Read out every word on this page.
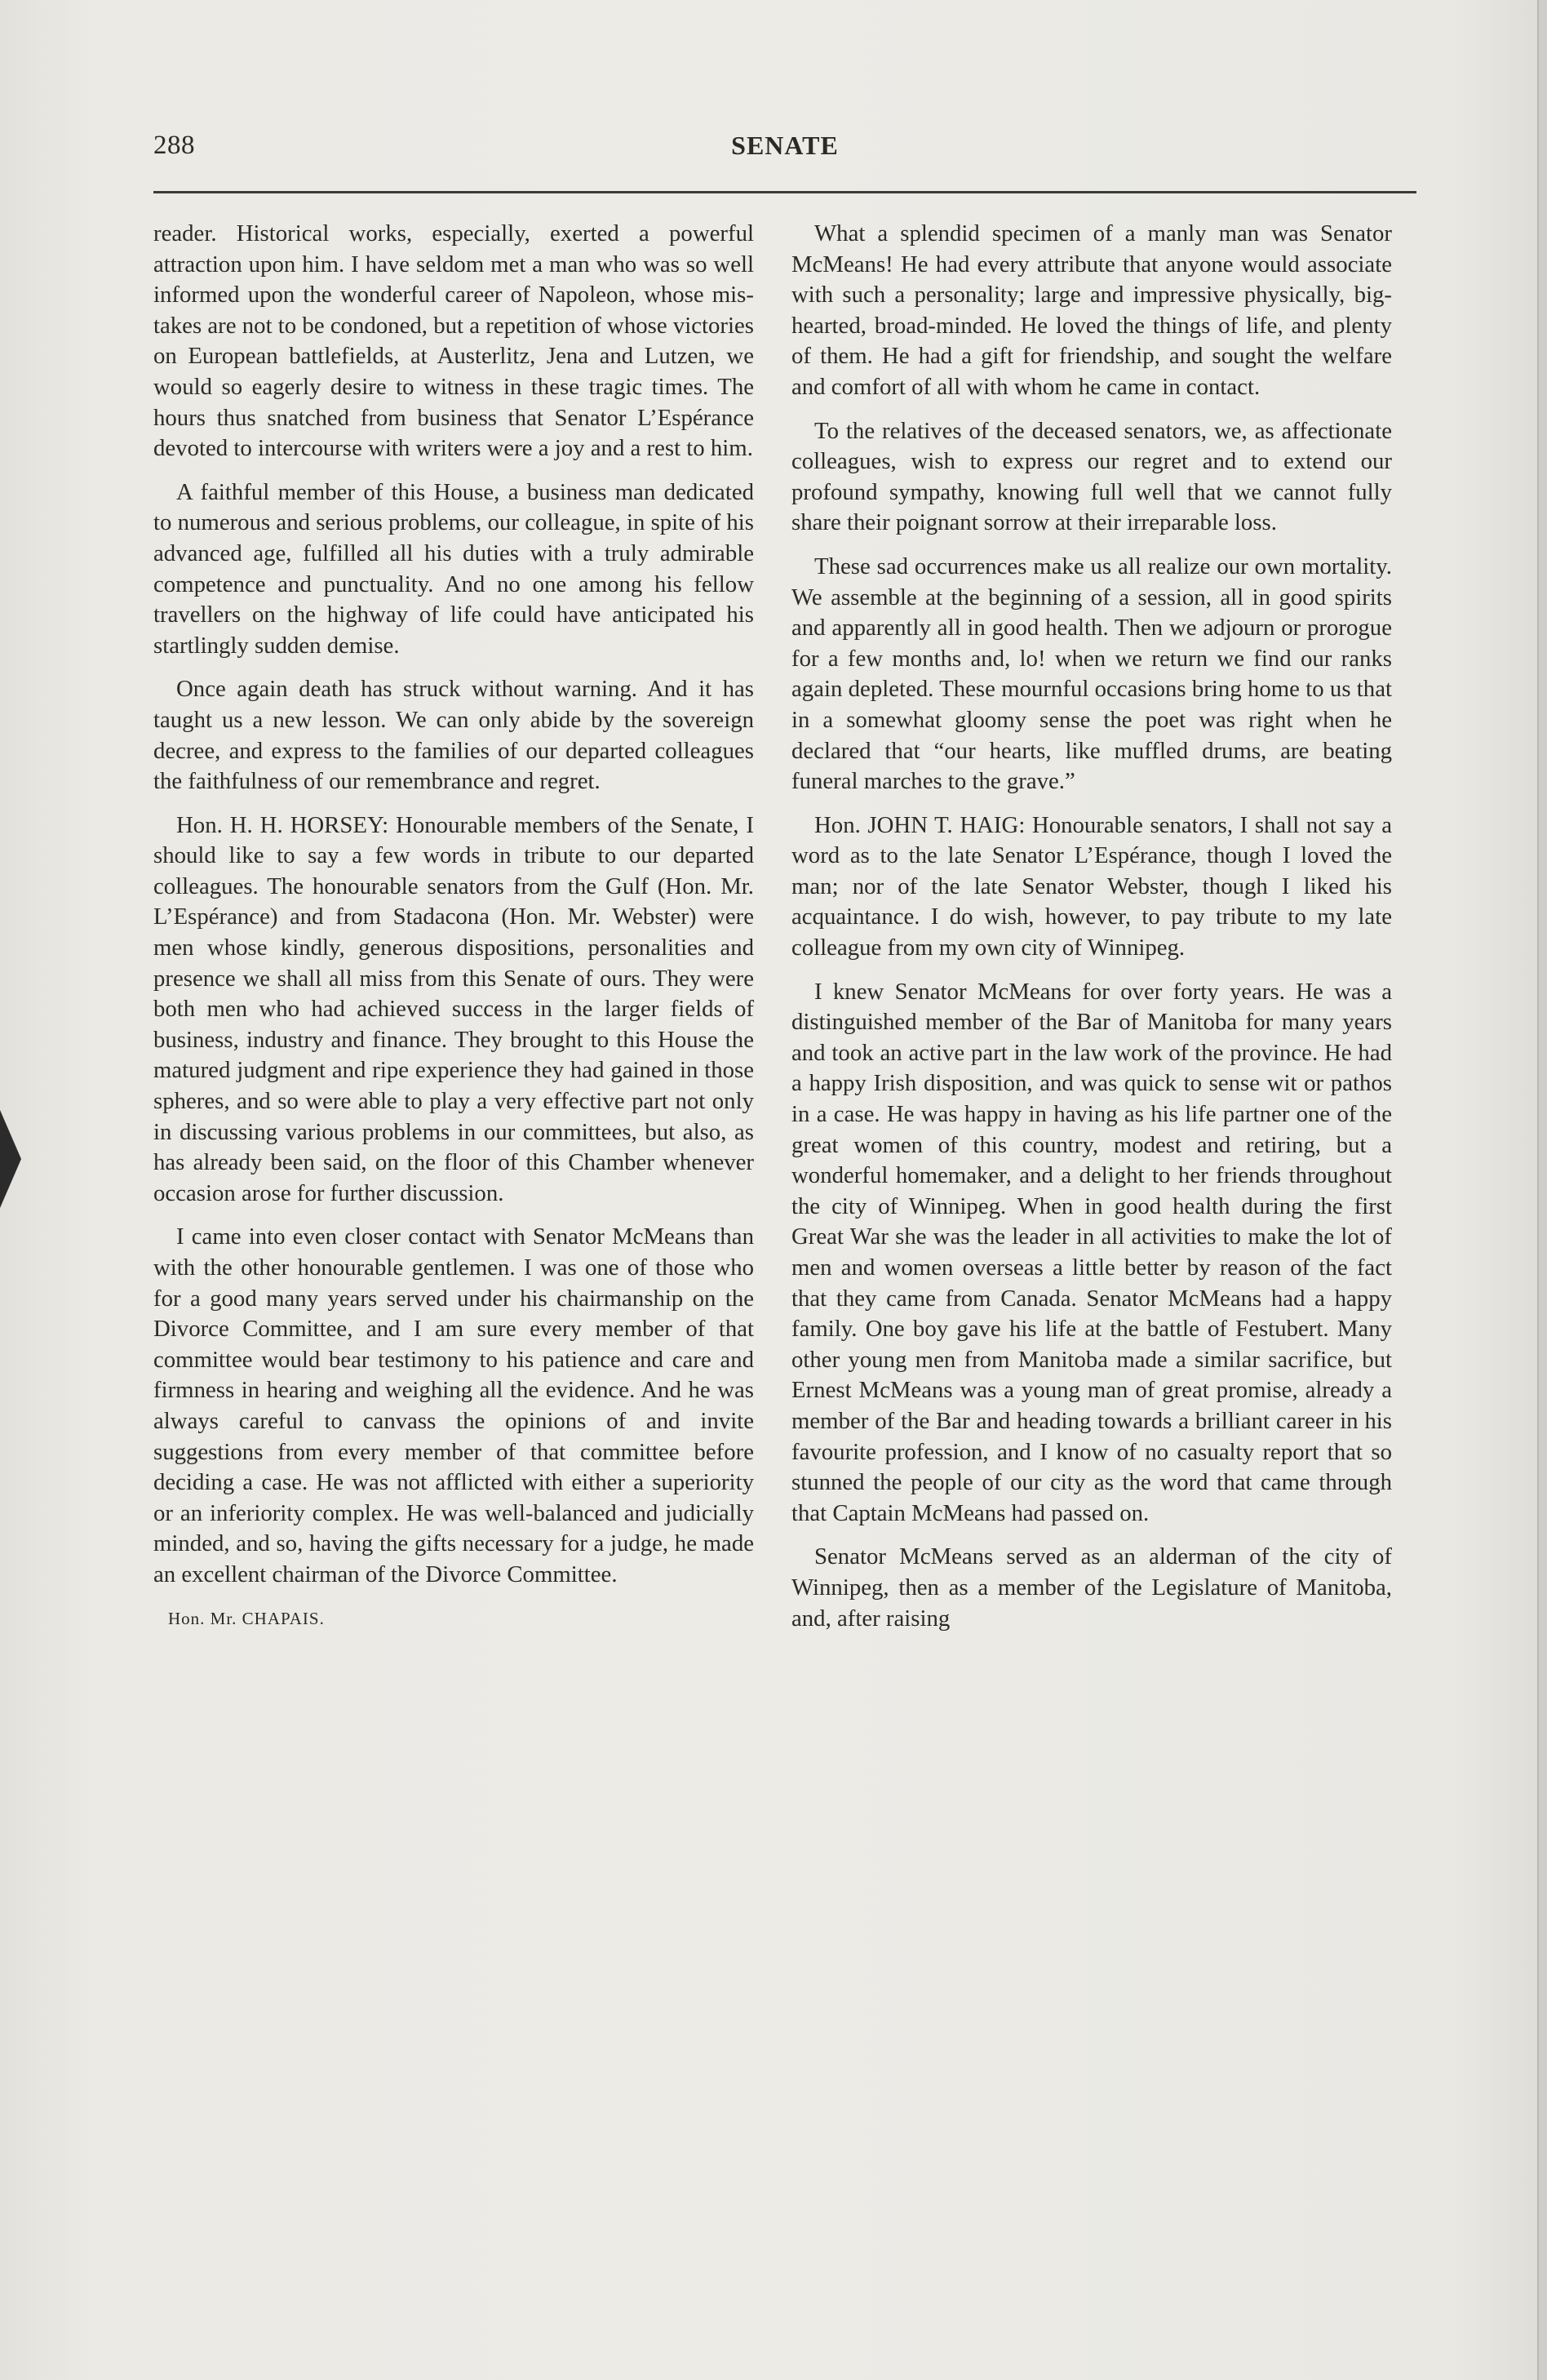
288	SENATE

reader. Historical works, especially, exerted a powerful attraction upon him. I have seldom met a man who was so well informed upon the wonderful career of Napoleon, whose mistakes are not to be condoned, but a repetition of whose victories on European battlefields, at Austerlitz, Jena and Lutzen, we would so eagerly desire to witness in these tragic times. The hours thus snatched from business that Senator L’Espérance devoted to intercourse with writers were a joy and a rest to him.

A faithful member of this House, a business man dedicated to numerous and serious problems, our colleague, in spite of his advanced age, fulfilled all his duties with a truly admirable competence and punctuality. And no one among his fellow travellers on the highway of life could have anticipated his startlingly sudden demise.

Once again death has struck without warning. And it has taught us a new lesson. We can only abide by the sovereign decree, and express to the families of our departed colleagues the faithfulness of our remembrance and regret.

Hon. H. H. HORSEY: Honourable members of the Senate, I should like to say a few words in tribute to our departed colleagues. The honourable senators from the Gulf (Hon. Mr. L’Espérance) and from Stadacona (Hon. Mr. Webster) were men whose kindly, generous dispositions, personalities and presence we shall all miss from this Senate of ours. They were both men who had achieved success in the larger fields of business, industry and finance. They brought to this House the matured judgment and ripe experience they had gained in those spheres, and so were able to play a very effective part not only in discussing various problems in our committees, but also, as has already been said, on the floor of this Chamber whenever occasion arose for further discussion.

I came into even closer contact with Senator McMeans than with the other honourable gentlemen. I was one of those who for a good many years served under his chairmanship on the Divorce Committee, and I am sure every member of that committee would bear testimony to his patience and care and firmness in hearing and weighing all the evidence. And he was always careful to canvass the opinions of and invite suggestions from every member of that committee before deciding a case. He was not afflicted with either a superiority or an inferiority complex. He was well-balanced and judicially minded, and so, having the gifts necessary for a judge, he made an excellent chairman of the Divorce Committee.

Hon. Mr. CHAPAIS.

What a splendid specimen of a manly man was Senator McMeans! He had every attribute that anyone would associate with such a personality; large and impressive physically, big-hearted, broad-minded. He loved the things of life, and plenty of them. He had a gift for friendship, and sought the welfare and comfort of all with whom he came in contact.

To the relatives of the deceased senators, we, as affectionate colleagues, wish to express our regret and to extend our profound sympathy, knowing full well that we cannot fully share their poignant sorrow at their irreparable loss.

These sad occurrences make us all realize our own mortality. We assemble at the beginning of a session, all in good spirits and apparently all in good health. Then we adjourn or prorogue for a few months and, lo! when we return we find our ranks again depleted. These mournful occasions bring home to us that in a somewhat gloomy sense the poet was right when he declared that “our hearts, like muffled drums, are beating funeral marches to the grave.”

Hon. JOHN T. HAIG: Honourable senators, I shall not say a word as to the late Senator L’Espérance, though I loved the man; nor of the late Senator Webster, though I liked his acquaintance. I do wish, however, to pay tribute to my late colleague from my own city of Winnipeg.

I knew Senator McMeans for over forty years. He was a distinguished member of the Bar of Manitoba for many years and took an active part in the law work of the province. He had a happy Irish disposition, and was quick to sense wit or pathos in a case. He was happy in having as his life partner one of the great women of this country, modest and retiring, but a wonderful homemaker, and a delight to her friends throughout the city of Winnipeg. When in good health during the first Great War she was the leader in all activities to make the lot of men and women overseas a little better by reason of the fact that they came from Canada. Senator McMeans had a happy family. One boy gave his life at the battle of Festubert. Many other young men from Manitoba made a similar sacrifice, but Ernest McMeans was a young man of great promise, already a member of the Bar and heading towards a brilliant career in his favourite profession, and I know of no casualty report that so stunned the people of our city as the word that came through that Captain McMeans had passed on.

Senator McMeans served as an alderman of the city of Winnipeg, then as a member of the Legislature of Manitoba, and, after raising
